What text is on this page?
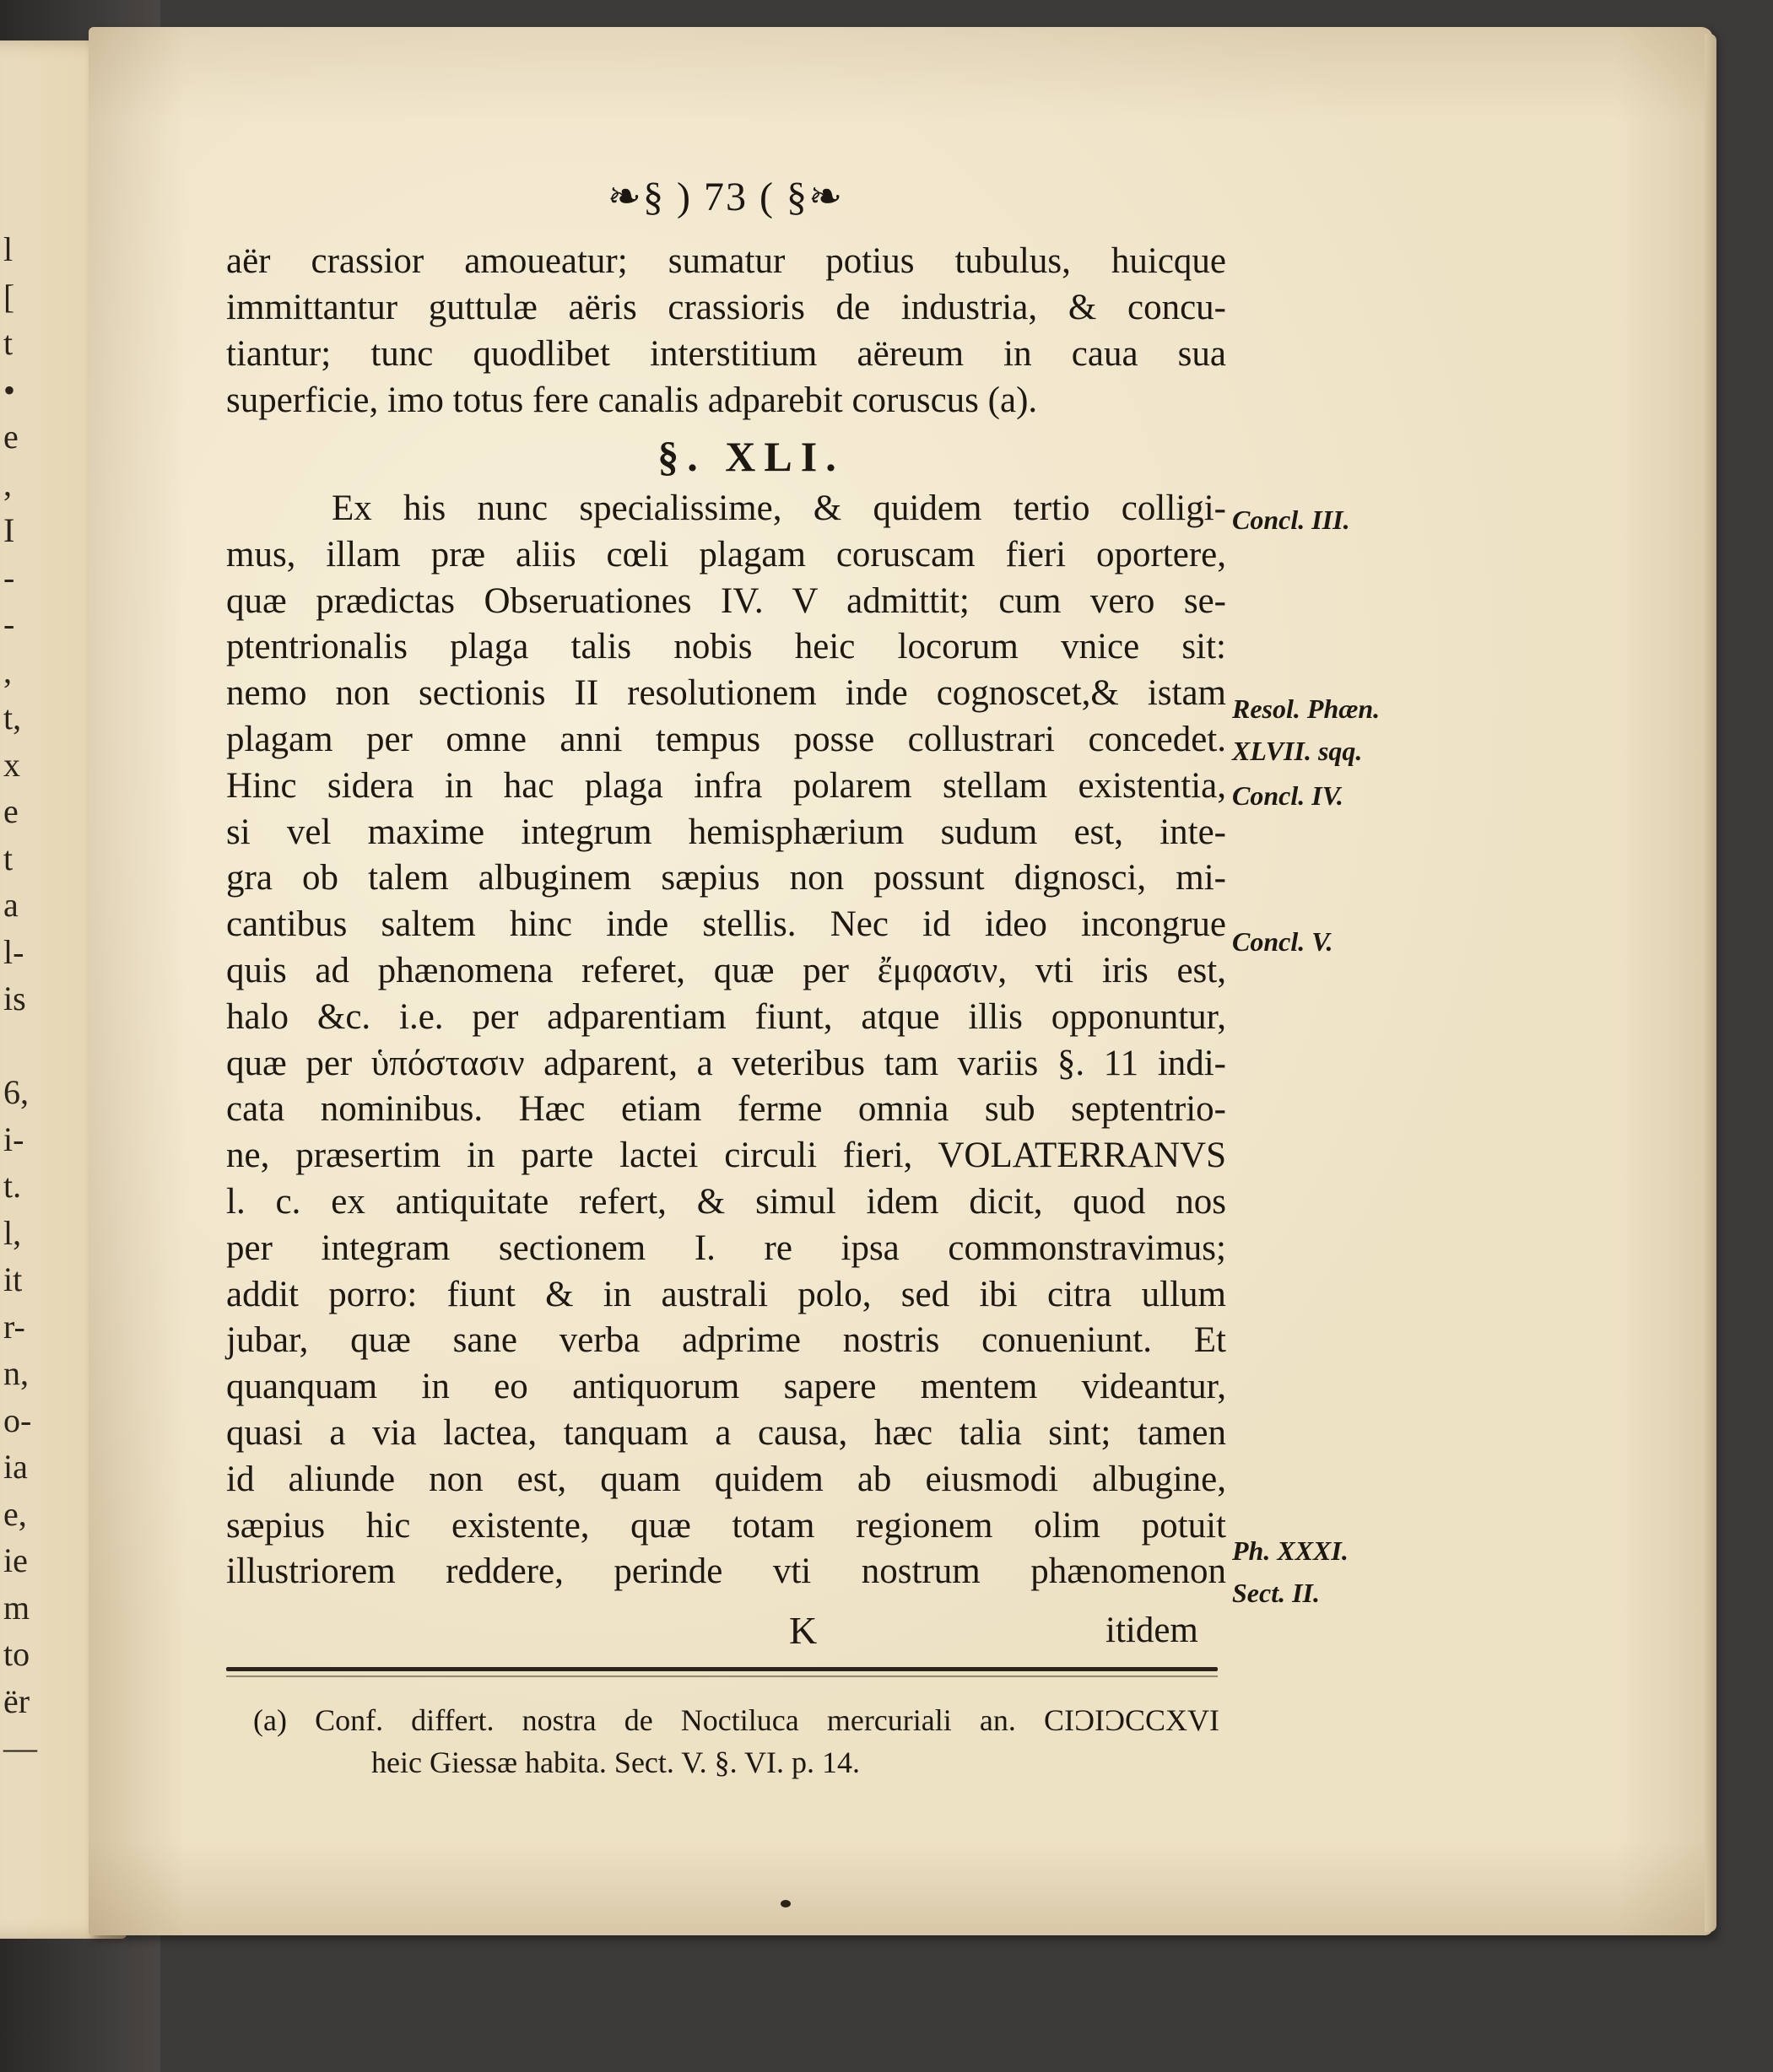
l
[
t
•
e
,
I
-
-
,
t,
x
e
t
a
l-
is
6,
i-
t.
l,
it
r-
n,
o-
ia
e,
ie
m
to
ër
—
❧§ ) 73 ( §❧
aër crassior amoueatur; sumatur potius tubulus, huicque
immittantur guttulæ aëris crassioris de industria, & concu-
tiantur; tunc quodlibet interstitium aëreum in caua sua
superficie, imo totus fere canalis adparebit coruscus (a).
§. XLI.
Ex his nunc specialissime, & quidem tertio colligi-
mus, illam præ aliis cœli plagam coruscam fieri oportere,
quæ prædictas Obseruationes IV. V admittit; cum vero se-
ptentrionalis plaga talis nobis heic locorum vnice sit:
nemo non sectionis II resolutionem inde cognoscet,& istam
plagam per omne anni tempus posse collustrari concedet.
Hinc sidera in hac plaga infra polarem stellam existentia,
si vel maxime integrum hemisphærium sudum est, inte-
gra ob talem albuginem sæpius non possunt dignosci, mi-
cantibus saltem hinc inde stellis. Nec id ideo incongrue
quis ad phænomena referet, quæ per ἔμφασιν, vti iris est,
halo &c. i.e. per adparentiam fiunt, atque illis opponuntur,
quæ per ὑπόστασιν adparent, a veteribus tam variis §. 11 indi-
cata nominibus. Hæc etiam ferme omnia sub septentrio-
ne, præsertim in parte lactei circuli fieri, VOLATERRANVS
l. c. ex antiquitate refert, & simul idem dicit, quod nos
per integram sectionem I. re ipsa commonstravimus;
addit porro: fiunt & in australi polo, sed ibi citra ullum
jubar, quæ sane verba adprime nostris conueniunt. Et
quanquam in eo antiquorum sapere mentem videantur,
quasi a via lactea, tanquam a causa, hæc talia sint; tamen
id aliunde non est, quam quidem ab eiusmodi albugine,
sæpius hic existente, quæ totam regionem olim potuit
illustriorem reddere, perinde vti nostrum phænomenon
Concl. III.
Resol. Phæn.
XLVII. sqq.
Concl. IV.
Concl. V.
Ph. XXXI.
Sect. II.
K	itidem
(a) Conf. differt. nostra de Noctiluca mercuriali an. CIƆIƆCCXVI
heic Giessæ habita. Sect. V. §. VI. p. 14.
